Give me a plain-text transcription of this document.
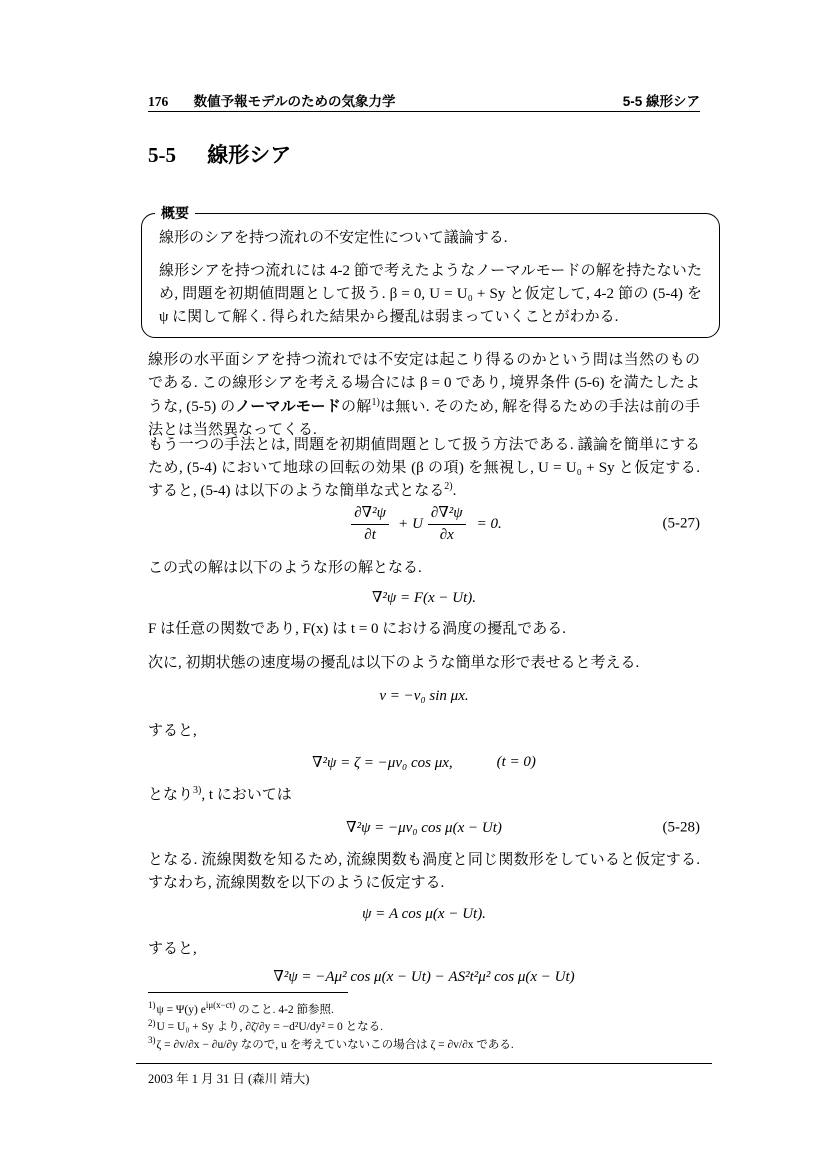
176 数値予報モデルのための気象力学	5-5 線形シア
5-5 線形シア
概要

線形のシアを持つ流れの不安定性について議論する.

線形シアを持つ流れには 4-2 節で考えたようなノーマルモードの解を持たないため, 問題を初期値問題として扱う. β = 0, U = U₀ + Sy と仮定して, 4-2 節の (5-4) を ψ に関して解く. 得られた結果から擾乱は弱まっていくことがわかる.

線形の水平面シアを持つ流れでは不安定は起こり得るのかという問は当然のものである. この線形シアを考える場合には β = 0 であり, 境界条件 (5-6) を満たしたような, (5-5) のノーマルモードの解$^{1)}$は無い. そのため, 解を得るための手法は前の手法とは当然異なってくる.
もう一つの手法とは, 問題を初期値問題として扱う方法である. 議論を簡単にするため, (5-4) において地球の回転の効果 (β の項) を無視し, U = U₀ + Sy と仮定する. すると, (5-4) は以下のような簡単な式となる$^{2)}$.
$\frac{\text{∂∇²ψ}}{\partial t} + U \frac{\text{∂∇²ψ}}{\partial x} = 0$.	(5-27)
この式の解は以下のような形の解となる.
∇²ψ = F(x − Ut).
F は任意の関数であり, F(x) は t = 0 における渦度の擾乱である.
次に, 初期状態の速度場の擾乱は以下のような簡単な形で表せると考える.
v = −v₀ sin μx.
すると,
∇²ψ = ζ = −μv₀ cos μx,	(t = 0)
となり$^{3)}$, t においては
∇²ψ = −μv₀ cos μ(x − Ut)	(5-28)
となる. 流線関数を知るため, 流線関数も渦度と同じ関数形をしていると仮定する. すなわち, 流線関数を以下のように仮定する.
ψ = A cos μ(x − Ut).
すると,
∇²ψ = −Aμ² cos μ(x − Ut) − AS²t²μ² cos μ(x − Ut)
$^{1)}$ψ = Ψ(y) e$^{i\mu(x-ct)}$ のこと. 4-2 節参照.
$^{2)}$U = U₀ + Sy より, ∂ζ̄/∂y = −d²U/dy² = 0 となる.
$^{3)}$ζ = ∂v/∂x − ∂u/∂y なので, u を考えていないこの場合は ζ = ∂v/∂x である.
2003 年 1 月 31 日 (森川 靖大)
